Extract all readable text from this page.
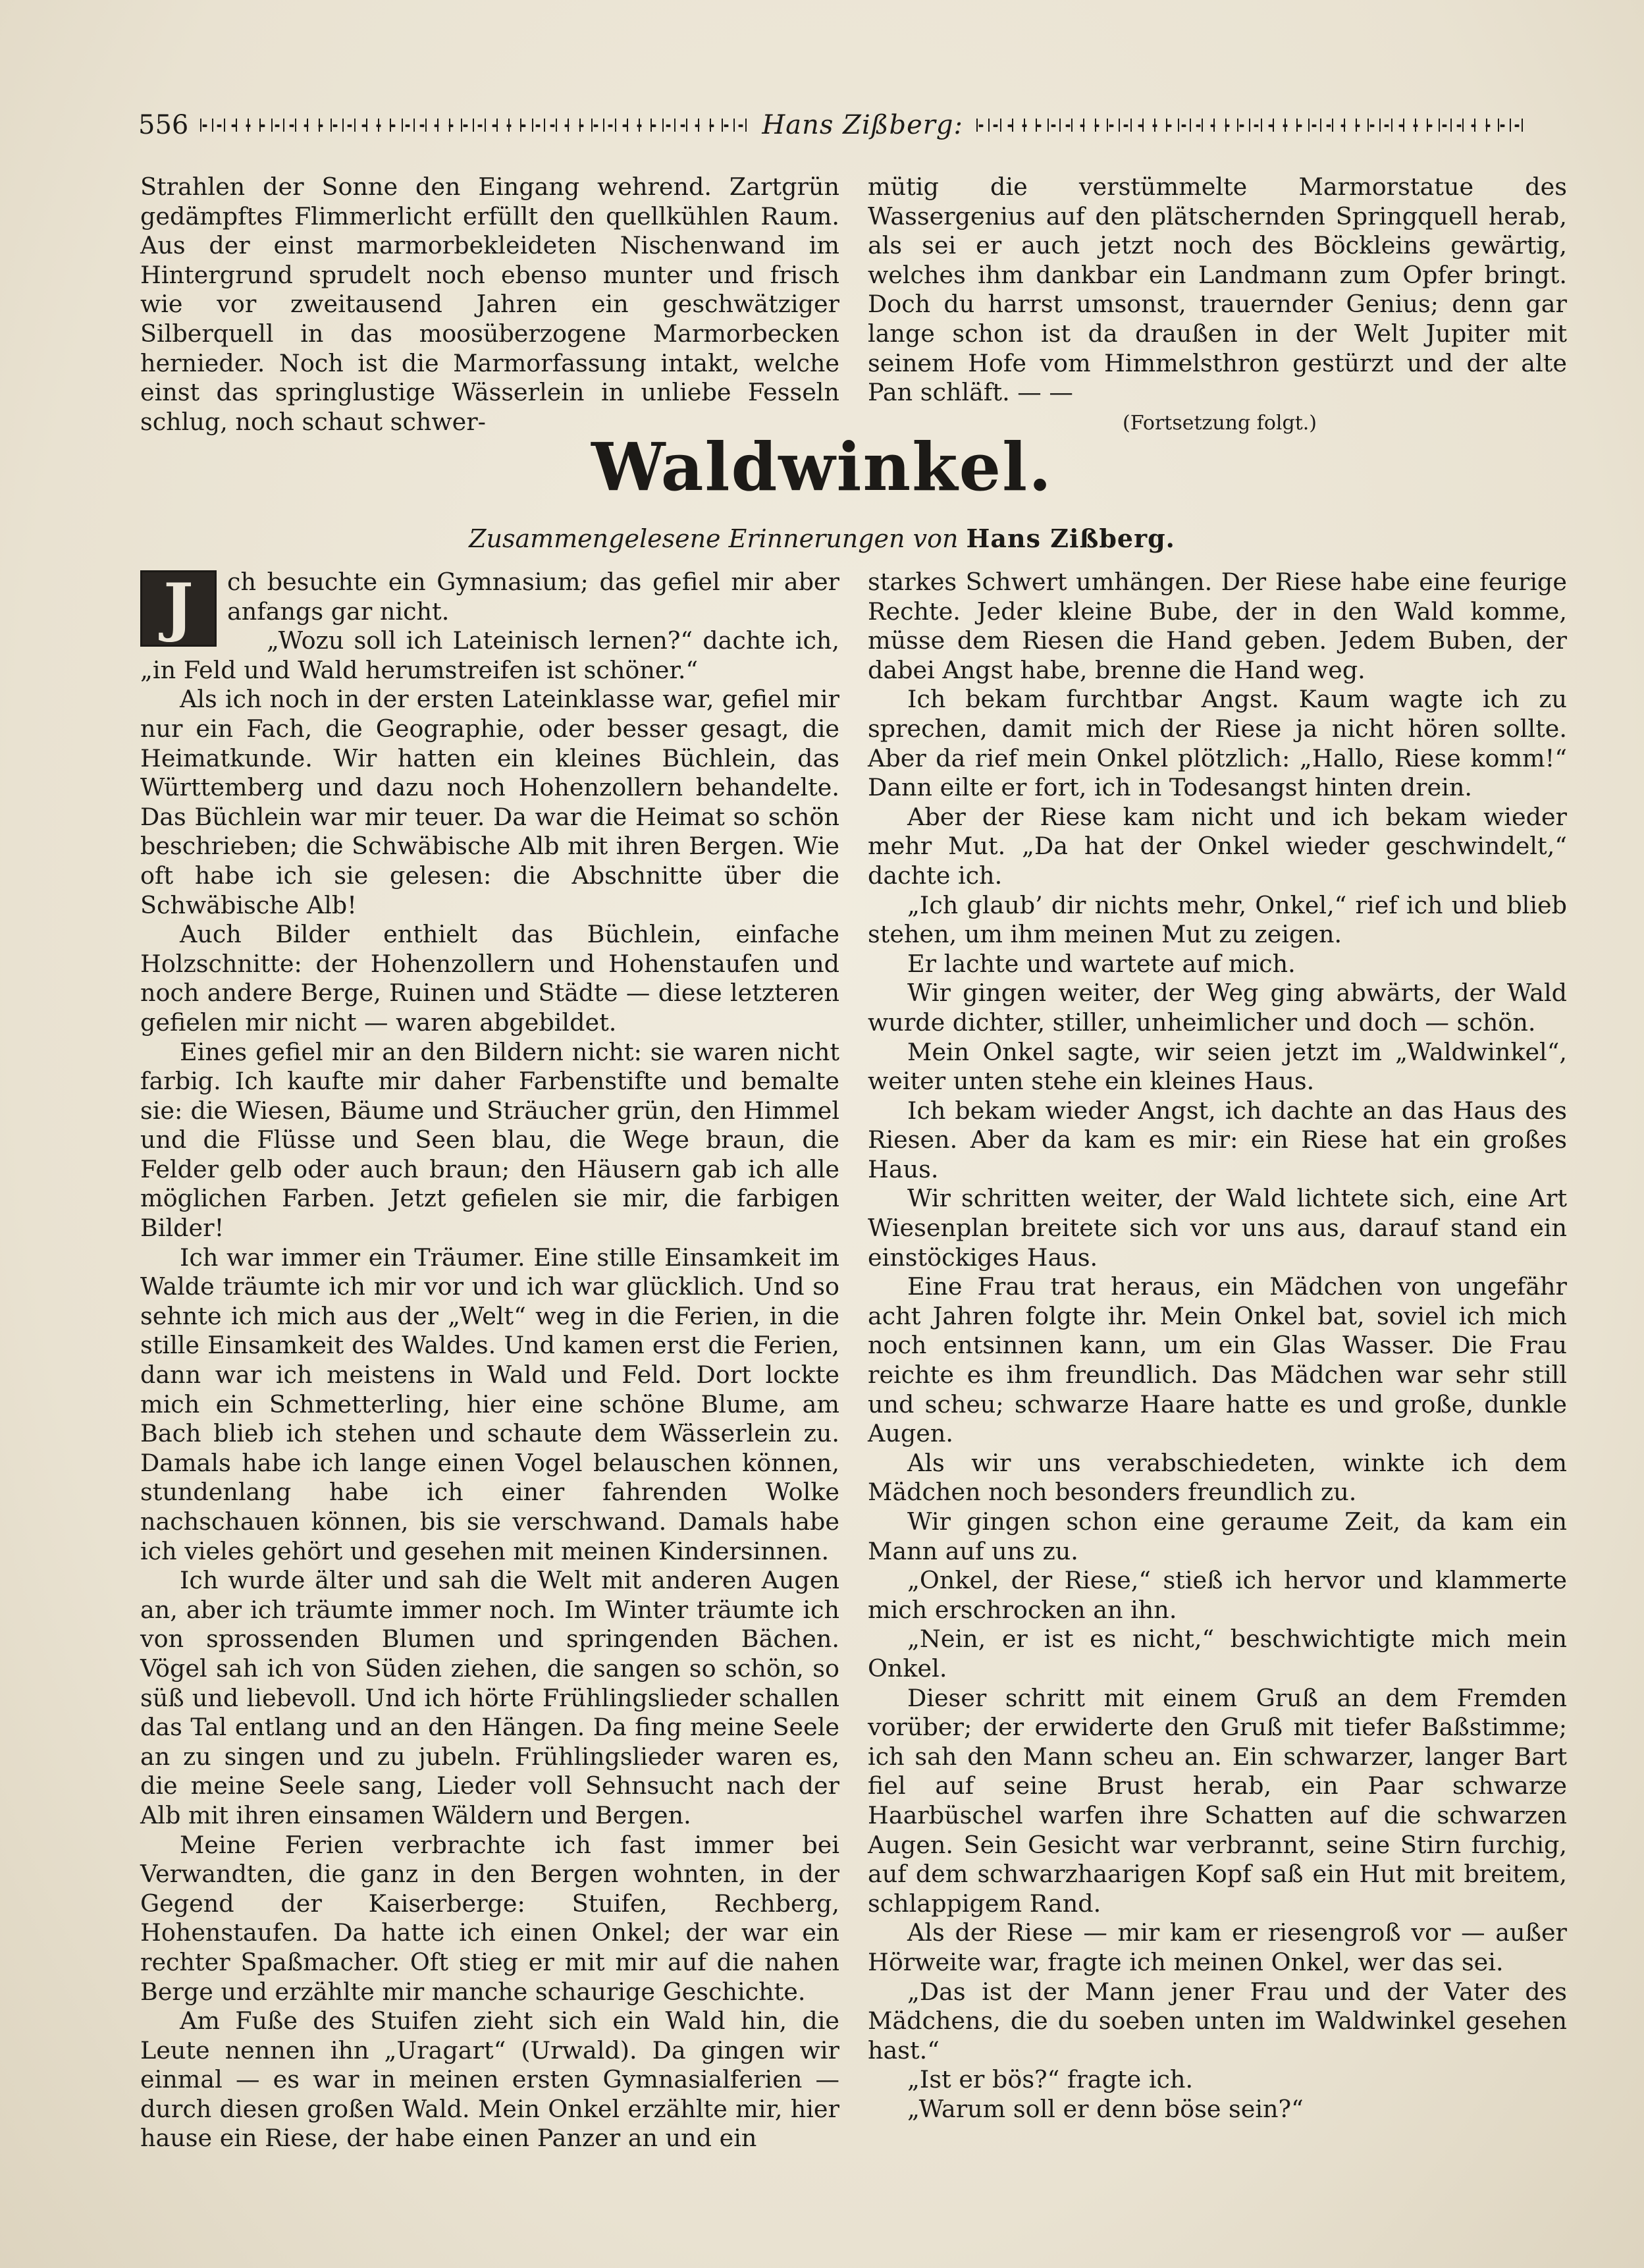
556	Hans Zißberg:

Strahlen der Sonne den Eingang wehrend. Zartgrün gedämpftes Flimmerlicht erfüllt den quellkühlen Raum. Aus der einst marmorbekleideten Nischenwand im Hintergrund sprudelt noch ebenso munter und frisch wie vor zweitausend Jahren ein geschwätziger Silberquell in das moosüberzogene Marmorbecken hernieder. Noch ist die Marmorfassung intakt, welche einst das springlustige Wässerlein in unliebe Fesseln schlug, noch schaut schwer-

mütig die verstümmelte Marmorstatue des Wassergenius auf den plätschernden Springquell herab, als sei er auch jetzt noch des Böckleins gewärtig, welches ihm dankbar ein Landmann zum Opfer bringt. Doch du harrst umsonst, trauernder Genius; denn gar lange schon ist da draußen in der Welt Jupiter mit seinem Hofe vom Himmelsthron gestürzt und der alte Pan schläft. — —

(Fortsetzung folgt.)

Waldwinkel.
Zusammengelesene Erinnerungen von Hans Zißberg.

J	ch besuchte ein Gymnasium; das gefiel mir aber anfangs gar nicht.

„Wozu soll ich Lateinisch lernen?“ dachte ich, „in Feld und Wald herumstreifen ist schöner.“

Als ich noch in der ersten Lateinklasse war, gefiel mir nur ein Fach, die Geographie, oder besser gesagt, die Heimatkunde. Wir hatten ein kleines Büchlein, das Württemberg und dazu noch Hohenzollern behandelte. Das Büchlein war mir teuer. Da war die Heimat so schön beschrieben; die Schwäbische Alb mit ihren Bergen. Wie oft habe ich sie gelesen: die Abschnitte über die Schwäbische Alb!

Auch Bilder enthielt das Büchlein, einfache Holzschnitte: der Hohenzollern und Hohenstaufen und noch andere Berge, Ruinen und Städte — diese letzteren gefielen mir nicht — waren abgebildet.

Eines gefiel mir an den Bildern nicht: sie waren nicht farbig. Ich kaufte mir daher Farbenstifte und bemalte sie: die Wiesen, Bäume und Sträucher grün, den Himmel und die Flüsse und Seen blau, die Wege braun, die Felder gelb oder auch braun; den Häusern gab ich alle möglichen Farben. Jetzt gefielen sie mir, die farbigen Bilder!

Ich war immer ein Träumer. Eine stille Einsamkeit im Walde träumte ich mir vor und ich war glücklich. Und so sehnte ich mich aus der „Welt“ weg in die Ferien, in die stille Einsamkeit des Waldes. Und kamen erst die Ferien, dann war ich meistens in Wald und Feld. Dort lockte mich ein Schmetterling, hier eine schöne Blume, am Bach blieb ich stehen und schaute dem Wässerlein zu. Damals habe ich lange einen Vogel belauschen können, stundenlang habe ich einer fahrenden Wolke nachschauen können, bis sie verschwand. Damals habe ich vieles gehört und gesehen mit meinen Kindersinnen.

Ich wurde älter und sah die Welt mit anderen Augen an, aber ich träumte immer noch. Im Winter träumte ich von sprossenden Blumen und springenden Bächen. Vögel sah ich von Süden ziehen, die sangen so schön, so süß und liebevoll. Und ich hörte Frühlingslieder schallen das Tal entlang und an den Hängen. Da fing meine Seele an zu singen und zu jubeln. Frühlingslieder waren es, die meine Seele sang, Lieder voll Sehnsucht nach der Alb mit ihren einsamen Wäldern und Bergen.

Meine Ferien verbrachte ich fast immer bei Verwandten, die ganz in den Bergen wohnten, in der Gegend der Kaiserberge: Stuifen, Rechberg, Hohenstaufen. Da hatte ich einen Onkel; der war ein rechter Spaßmacher. Oft stieg er mit mir auf die nahen Berge und erzählte mir manche schaurige Geschichte.

Am Fuße des Stuifen zieht sich ein Wald hin, die Leute nennen ihn „Uragart“ (Urwald). Da gingen wir einmal — es war in meinen ersten Gymnasialferien — durch diesen großen Wald. Mein Onkel erzählte mir, hier hause ein Riese, der habe einen Panzer an und ein

starkes Schwert umhängen. Der Riese habe eine feurige Rechte. Jeder kleine Bube, der in den Wald komme, müsse dem Riesen die Hand geben. Jedem Buben, der dabei Angst habe, brenne die Hand weg.

Ich bekam furchtbar Angst. Kaum wagte ich zu sprechen, damit mich der Riese ja nicht hören sollte. Aber da rief mein Onkel plötzlich: „Hallo, Riese komm!“ Dann eilte er fort, ich in Todesangst hinten drein.

Aber der Riese kam nicht und ich bekam wieder mehr Mut. „Da hat der Onkel wieder geschwindelt,“ dachte ich.

„Ich glaub’ dir nichts mehr, Onkel,“ rief ich und blieb stehen, um ihm meinen Mut zu zeigen.

Er lachte und wartete auf mich.

Wir gingen weiter, der Weg ging abwärts, der Wald wurde dichter, stiller, unheimlicher und doch — schön.

Mein Onkel sagte, wir seien jetzt im „Waldwinkel“, weiter unten stehe ein kleines Haus.

Ich bekam wieder Angst, ich dachte an das Haus des Riesen. Aber da kam es mir: ein Riese hat ein großes Haus.

Wir schritten weiter, der Wald lichtete sich, eine Art Wiesenplan breitete sich vor uns aus, darauf stand ein einstöckiges Haus.

Eine Frau trat heraus, ein Mädchen von ungefähr acht Jahren folgte ihr. Mein Onkel bat, soviel ich mich noch entsinnen kann, um ein Glas Wasser. Die Frau reichte es ihm freundlich. Das Mädchen war sehr still und scheu; schwarze Haare hatte es und große, dunkle Augen.

Als wir uns verabschiedeten, winkte ich dem Mädchen noch besonders freundlich zu.

Wir gingen schon eine geraume Zeit, da kam ein Mann auf uns zu.

„Onkel, der Riese,“ stieß ich hervor und klammerte mich erschrocken an ihn.

„Nein, er ist es nicht,“ beschwichtigte mich mein Onkel.

Dieser schritt mit einem Gruß an dem Fremden vorüber; der erwiderte den Gruß mit tiefer Baßstimme; ich sah den Mann scheu an. Ein schwarzer, langer Bart fiel auf seine Brust herab, ein Paar schwarze Haarbüschel warfen ihre Schatten auf die schwarzen Augen. Sein Gesicht war verbrannt, seine Stirn furchig, auf dem schwarzhaarigen Kopf saß ein Hut mit breitem, schlappigem Rand.

Als der Riese — mir kam er riesengroß vor — außer Hörweite war, fragte ich meinen Onkel, wer das sei.

„Das ist der Mann jener Frau und der Vater des Mädchens, die du soeben unten im Waldwinkel gesehen hast.“

„Ist er bös?“ fragte ich.

„Warum soll er denn böse sein?“
